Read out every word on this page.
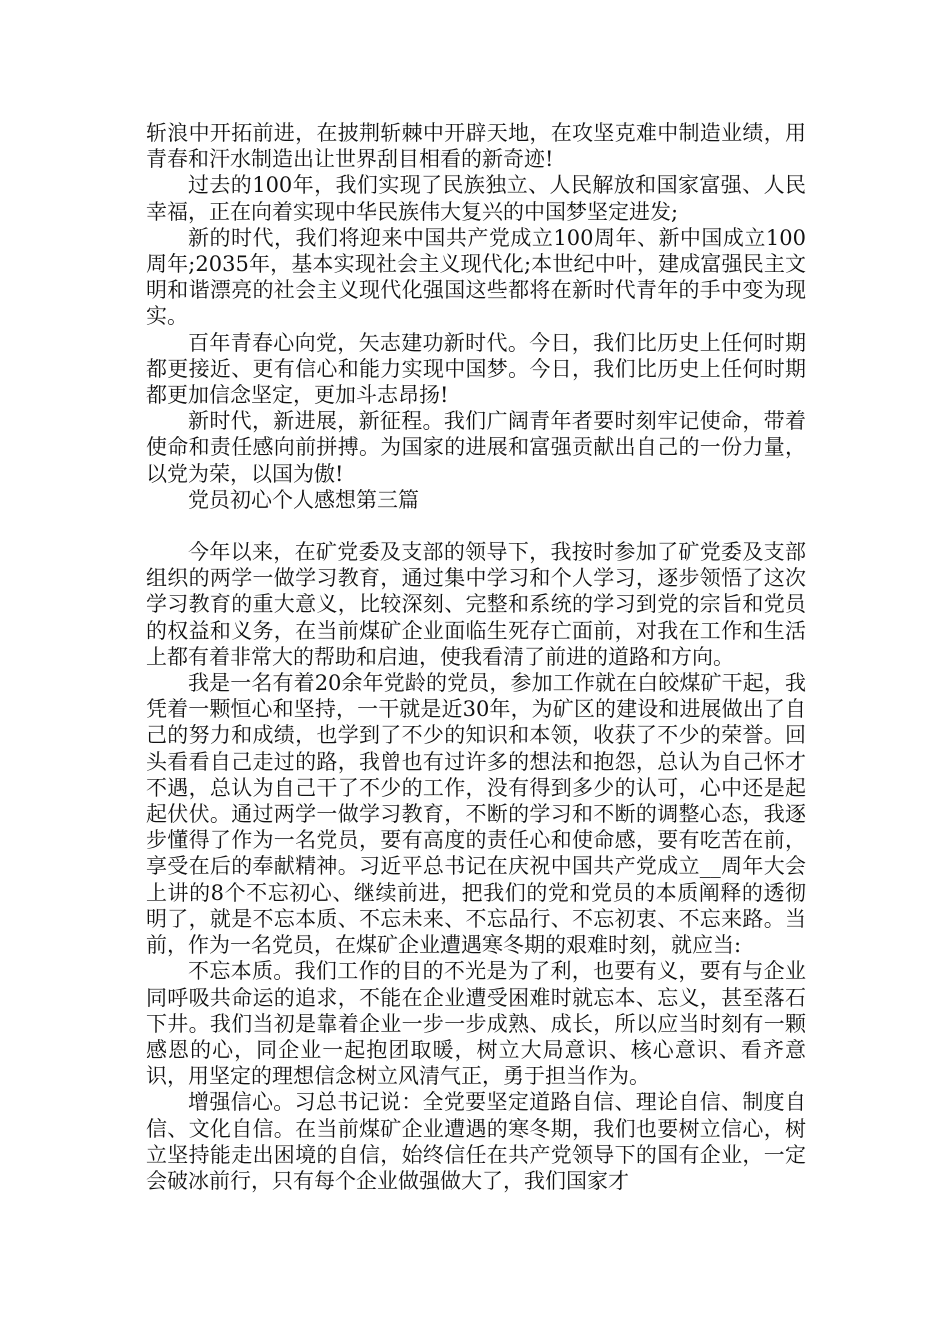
斩浪中开拓前进，在披荆斩棘中开辟天地，在攻坚克难中制造业绩，用青春和汗水制造出让世界刮目相看的新奇迹!

过去的100年，我们实现了民族独立、人民解放和国家富强、人民幸福，正在向着实现中华民族伟大复兴的中国梦坚定进发;

新的时代，我们将迎来中国共产党成立100周年、新中国成立100周年;2035年，基本实现社会主义现代化;本世纪中叶，建成富强民主文明和谐漂亮的社会主义现代化强国这些都将在新时代青年的手中变为现实。

百年青春心向党，矢志建功新时代。今日，我们比历史上任何时期都更接近、更有信心和能力实现中国梦。今日，我们比历史上任何时期都更加信念坚定，更加斗志昂扬!

新时代，新进展，新征程。我们广阔青年者要时刻牢记使命，带着使命和责任感向前拼搏。为国家的进展和富强贡献出自己的一份力量，以党为荣，以国为傲!

党员初心个人感想第三篇

今年以来，在矿党委及支部的领导下，我按时参加了矿党委及支部组织的两学一做学习教育，通过集中学习和个人学习，逐步领悟了这次学习教育的重大意义，比较深刻、完整和系统的学习到党的宗旨和党员的权益和义务，在当前煤矿企业面临生死存亡面前，对我在工作和生活上都有着非常大的帮助和启迪，使我看清了前进的道路和方向。

我是一名有着20余年党龄的党员，参加工作就在白皎煤矿干起，我凭着一颗恒心和坚持，一干就是近30年，为矿区的建设和进展做出了自己的努力和成绩，也学到了不少的知识和本领，收获了不少的荣誉。回头看看自己走过的路，我曾也有过许多的想法和抱怨，总认为自己怀才不遇，总认为自己干了不少的工作，没有得到多少的认可，心中还是起起伏伏。通过两学一做学习教育，不断的学习和不断的调整心态，我逐步懂得了作为一名党员，要有高度的责任心和使命感，要有吃苦在前，享受在后的奉献精神。习近平总书记在庆祝中国共产党成立__周年大会上讲的8个不忘初心、继续前进，把我们的党和党员的本质阐释的透彻明了，就是不忘本质、不忘未来、不忘品行、不忘初衷、不忘来路。当前，作为一名党员，在煤矿企业遭遇寒冬期的艰难时刻，就应当:

不忘本质。我们工作的目的不光是为了利，也要有义，要有与企业同呼吸共命运的追求，不能在企业遭受困难时就忘本、忘义，甚至落石下井。我们当初是靠着企业一步一步成熟、成长，所以应当时刻有一颗感恩的心，同企业一起抱团取暖，树立大局意识、核心意识、看齐意识，用坚定的理想信念树立风清气正，勇于担当作为。

增强信心。习总书记说：全党要坚定道路自信、理论自信、制度自信、文化自信。在当前煤矿企业遭遇的寒冬期，我们也要树立信心，树立坚持能走出困境的自信，始终信任在共产党领导下的国有企业，一定会破冰前行，只有每个企业做强做大了，我们国家才
